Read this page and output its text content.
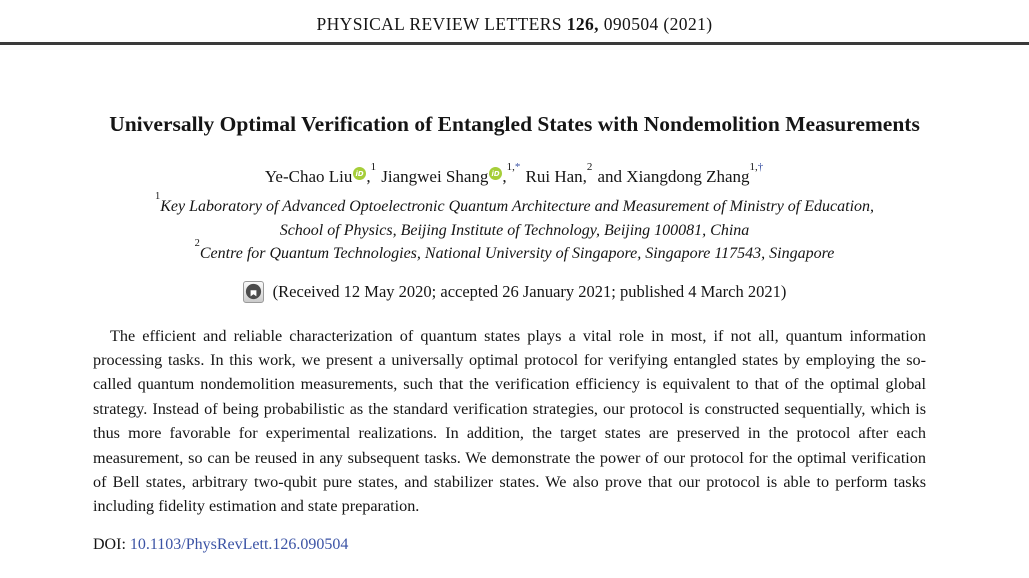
PHYSICAL REVIEW LETTERS 126, 090504 (2021)
Universally Optimal Verification of Entangled States with Nondemolition Measurements
Ye-Chao Liu iD ,$^1$ Jiangwei Shang iD ,$^{1,*}$ Rui Han,$^2$ and Xiangdong Zhang$^{1,\dagger}$
$^1$Key Laboratory of Advanced Optoelectronic Quantum Architecture and Measurement of Ministry of Education,
School of Physics, Beijing Institute of Technology, Beijing 100081, China
$^2$Centre for Quantum Technologies, National University of Singapore, Singapore 117543, Singapore
(Received 12 May 2020; accepted 26 January 2021; published 4 March 2021)

The efficient and reliable characterization of quantum states plays a vital role in most, if not all, quantum information processing tasks. In this work, we present a universally optimal protocol for verifying entangled states by employing the so-called quantum nondemolition measurements, such that the verification efficiency is equivalent to that of the optimal global strategy. Instead of being probabilistic as the standard verification strategies, our protocol is constructed sequentially, which is thus more favorable for experimental realizations. In addition, the target states are preserved in the protocol after each measurement, so can be reused in any subsequent tasks. We demonstrate the power of our protocol for the optimal verification of Bell states, arbitrary two-qubit pure states, and stabilizer states. We also prove that our protocol is able to perform tasks including fidelity estimation and state preparation.

DOI: 10.1103/PhysRevLett.126.090504
